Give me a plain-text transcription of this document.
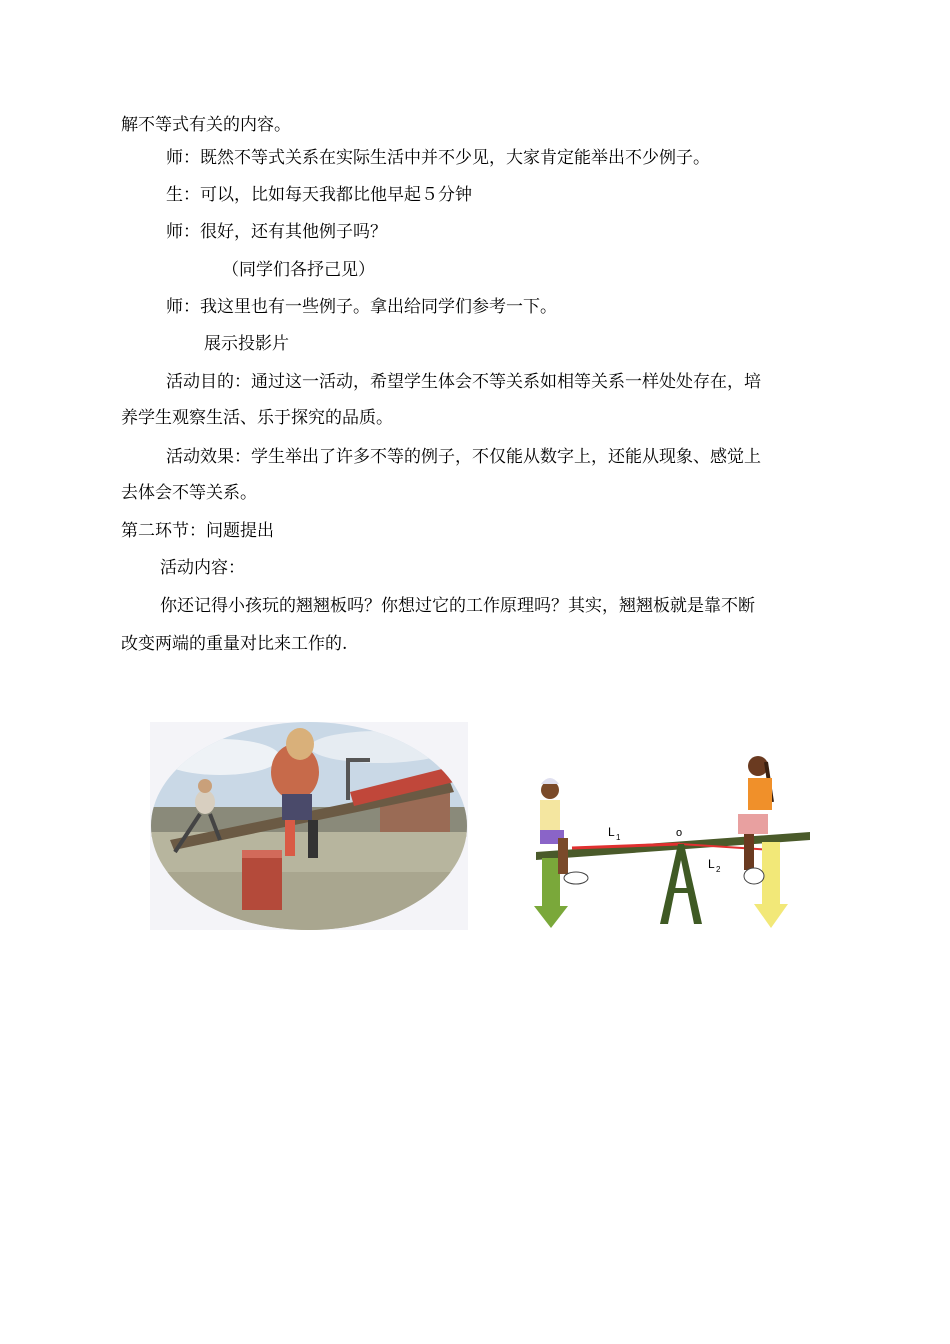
解不等式有关的内容。
师：既然不等式关系在实际生活中并不少见，大家肯定能举出不少例子。
生：可以，比如每天我都比他早起５分钟
师：很好，还有其他例子吗？
（同学们各抒己见）
师：我这里也有一些例子。拿出给同学们参考一下。
展示投影片
活动目的：通过这一活动，希望学生体会不等关系如相等关系一样处处存在，培
养学生观察生活、乐于探究的品质。
活动效果：学生举出了许多不等的例子，不仅能从数字上，还能从现象、感觉上
去体会不等关系。
第二环节：问题提出
活动内容：
你还记得小孩玩的翘翘板吗？你想过它的工作原理吗？其实，翘翘板就是靠不断
改变两端的重量对比来工作的.
L 1	o
L 2
